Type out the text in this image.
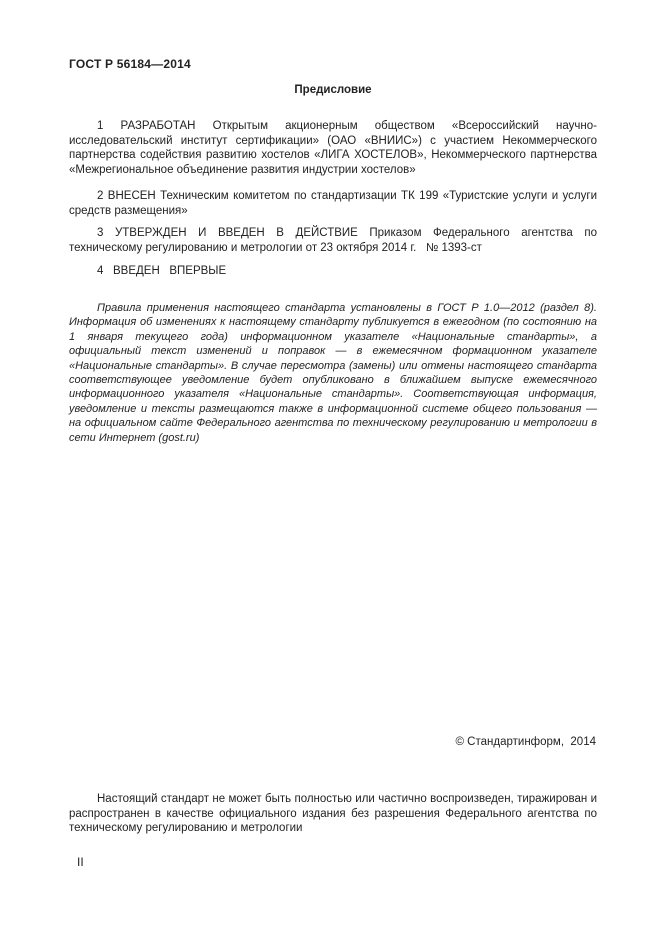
ГОСТ Р 56184—2014
Предисловие

1 РАЗРАБОТАН Открытым акционерным обществом «Всероссийский научно-исследовательский институт сертификации» (ОАО «ВНИИС») с участием Некоммерческого партнерства содействия развитию хостелов «ЛИГА ХОСТЕЛОВ», Некоммерческого партнерства «Межрегиональное объединение развития индустрии хостелов»

2 ВНЕСЕН Техническим комитетом по стандартизации ТК 199 «Туристские услуги и услуги средств размещения»

3 УТВЕРЖДЕН И ВВЕДЕН В ДЕЙСТВИЕ Приказом Федерального агентства по техническому регулированию и метрологии от 23 октября 2014 г.   № 1393-ст

4   ВВЕДЕН   ВПЕРВЫЕ

Правила применения настоящего стандарта установлены в ГОСТ Р 1.0—2012 (раздел 8). Информация об изменениях к настоящему стандарту публикуется в ежегодном (по состоянию на 1 января текущего года) информационном указателе «Национальные стандарты», а официальный текст изменений и поправок — в ежемесячном формационном указателе «Национальные стандарты». В случае пересмотра (замены) или отмены настоящего стандарта соответствующее уведомление будет опубликовано в ближайшем выпуске ежемесячного информационного указателя «Национальные стандарты». Соответствующая информация, уведомление и тексты размещаются также в информационной системе общего пользования — на официальном сайте Федерального агентства по техническому регулированию и метрологии в сети Интернет (gost.ru)

© Стандартинформ,  2014

Настоящий стандарт не может быть полностью или частично воспроизведен, тиражирован и распространен в качестве официального издания без разрешения Федерального агентства по техническому регулированию и метрологии

II
